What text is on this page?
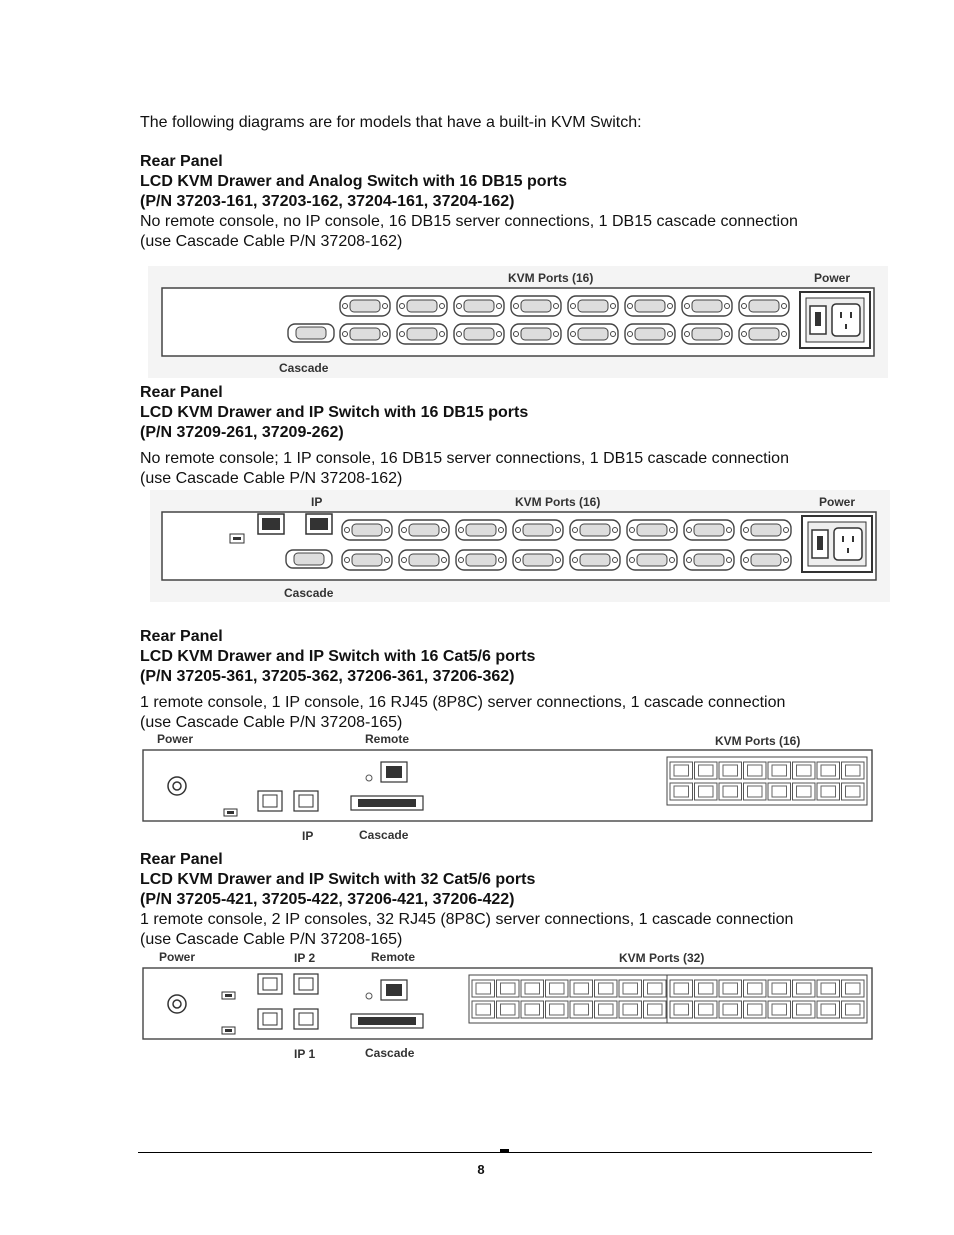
The following diagrams are for models that have a built-in KVM Switch:
Rear Panel
LCD KVM Drawer and Analog Switch with 16 DB15 ports
(P/N 37203-161, 37203-162, 37204-161, 37204-162)
No remote console, no IP console, 16 DB15 server connections, 1 DB15 cascade connection
(use Cascade Cable P/N 37208-162)
KVM Ports (16)	Power
Cascade
Rear Panel
LCD KVM Drawer and IP Switch with 16 DB15 ports
(P/N 37209-261, 37209-262)
No remote console; 1 IP console, 16 DB15 server connections, 1 DB15 cascade connection
(use Cascade Cable P/N 37208-162)
IP	KVM Ports (16)	Power
Cascade
Rear Panel
LCD KVM Drawer and IP Switch with 16 Cat5/6 ports
(P/N 37205-361, 37205-362, 37206-361, 37206-362)
1 remote console, 1 IP console, 16 RJ45 (8P8C) server connections, 1 cascade connection
(use Cascade Cable P/N 37208-165)
Power	Remote	KVM Ports (16)
IP	Cascade
Rear Panel
LCD KVM Drawer and IP Switch with 32 Cat5/6 ports
(P/N 37205-421, 37205-422, 37206-421, 37206-422)
1 remote console, 2 IP consoles, 32 RJ45 (8P8C) server connections, 1 cascade connection
(use Cascade Cable P/N 37208-165)
Power	IP 2	Remote	KVM Ports (32)
IP 1	Cascade
8
